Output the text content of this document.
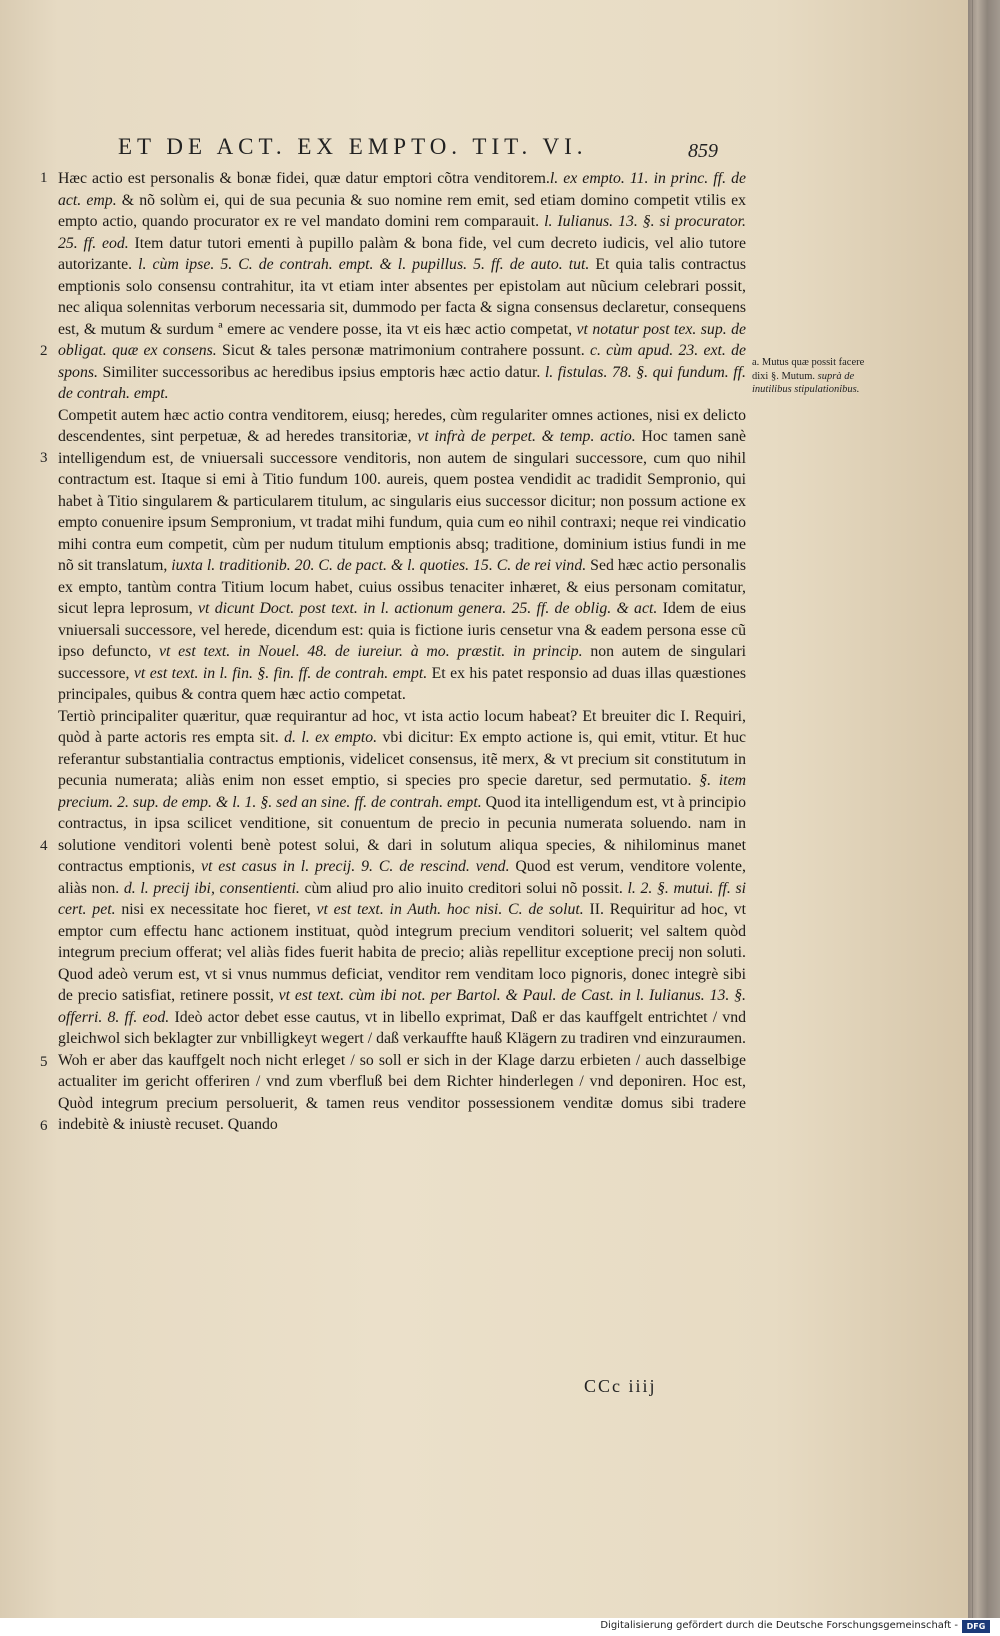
ET DE ACT. EX EMPTO. TIT. VI.	859
1
2
3
4
5
6

Hæc actio est personalis & bonæ fidei, quæ datur emptori cõtra venditorem.l. ex empto. 11. in princ. ff. de act. emp. & nõ solùm ei, qui de sua pecunia & suo nomine rem emit, sed etiam domino competit vtilis ex empto actio, quando procurator ex re vel mandato domini rem comparauit. l. Iulianus. 13. §. si procurator. 25. ff. eod. Item datur tutori ementi à pupillo palàm & bona fide, vel cum decreto iudicis, vel alio tutore autorizante. l. cùm ipse. 5. C. de contrah. empt. & l. pupillus. 5. ff. de auto. tut. Et quia talis contractus emptionis solo consensu contrahitur, ita vt etiam inter absentes per epistolam aut nũcium celebrari possit, nec aliqua solennitas verborum necessaria sit, dummodo per facta & signa consensus declaretur, consequens est, & mutum & surdum ª emere ac vendere posse, ita vt eis hæc actio competat, vt notatur post tex. sup. de obligat. quæ ex consens. Sicut & tales personæ matrimonium contrahere possunt. c. cùm apud. 23. ext. de spons. Similiter successoribus ac heredibus ipsius emptoris hæc actio datur. l. fistulas. 78. §. qui fundum. ff. de contrah. empt.

Competit autem hæc actio contra venditorem, eiusq; heredes, cùm regulariter omnes actiones, nisi ex delicto descendentes, sint perpetuæ, & ad heredes transitoriæ, vt infrà de perpet. & temp. actio. Hoc tamen sanè intelligendum est, de vniuersali successore venditoris, non autem de singulari successore, cum quo nihil contractum est. Itaque si emi à Titio fundum 100. aureis, quem postea vendidit ac tradidit Sempronio, qui habet à Titio singularem & particularem titulum, ac singularis eius successor dicitur; non possum actione ex empto conuenire ipsum Sempronium, vt tradat mihi fundum, quia cum eo nihil contraxi; neque rei vindicatio mihi contra eum competit, cùm per nudum titulum emptionis absq; traditione, dominium istius fundi in me nõ sit translatum, iuxta l. traditionib. 20. C. de pact. & l. quoties. 15. C. de rei vind. Sed hæc actio personalis ex empto, tantùm contra Titium locum habet, cuius ossibus tenaciter inhæret, & eius personam comitatur, sicut lepra leprosum, vt dicunt Doct. post text. in l. actionum genera. 25. ff. de oblig. & act. Idem de eius vniuersali successore, vel herede, dicendum est: quia is fictione iuris censetur vna & eadem persona esse cũ ipso defuncto, vt est text. in Nouel. 48. de iureiur. à mo. præstit. in princip. non autem de singulari successore, vt est text. in l. fin. §. fin. ff. de contrah. empt. Et ex his patet responsio ad duas illas quæstiones principales, quibus & contra quem hæc actio competat.

Tertiò principaliter quæritur, quæ requirantur ad hoc, vt ista actio locum habeat? Et breuiter dic I. Requiri, quòd à parte actoris res empta sit. d. l. ex empto. vbi dicitur: Ex empto actione is, qui emit, vtitur. Et huc referantur substantialia contractus emptionis, videlicet consensus, itẽ merx, & vt precium sit constitutum in pecunia numerata; aliàs enim non esset emptio, si species pro specie daretur, sed permutatio. §. item precium. 2. sup. de emp. & l. 1. §. sed an sine. ff. de contrah. empt. Quod ita intelligendum est, vt à principio contractus, in ipsa scilicet venditione, sit conuentum de precio in pecunia numerata soluendo. nam in solutione venditori volenti benè potest solui, & dari in solutum aliqua species, & nihilominus manet contractus emptionis, vt est casus in l. precij. 9. C. de rescind. vend. Quod est verum, venditore volente, aliàs non. d. l. precij ibi, consentienti. cùm aliud pro alio inuito creditori solui nõ possit. l. 2. §. mutui. ff. si cert. pet. nisi ex necessitate hoc fieret, vt est text. in Auth. hoc nisi. C. de solut. II. Requiritur ad hoc, vt emptor cum effectu hanc actionem instituat, quòd integrum precium venditori soluerit; vel saltem quòd integrum precium offerat; vel aliàs fides fuerit habita de precio; aliàs repellitur exceptione precij non soluti. Quod adeò verum est, vt si vnus nummus deficiat, venditor rem venditam loco pignoris, donec integrè sibi de precio satisfiat, retinere possit, vt est text. cùm ibi not. per Bartol. & Paul. de Cast. in l. Iulianus. 13. §. offerri. 8. ff. eod. Ideò actor debet esse cautus, vt in libello exprimat, Daß er das kauffgelt entrichtet / vnd gleichwol sich beklagter zur vnbilligkeyt wegert / daß verkauffte hauß Klägern zu tradiren vnd einzuraumen. Woh er aber das kauffgelt noch nicht erleget / so soll er sich in der Klage darzu erbieten / auch dasselbige actualiter im gericht offeriren / vnd zum vberfluß bei dem Richter hinderlegen / vnd deponiren. Hoc est, Quòd integrum precium persoluerit, & tamen reus venditor possessionem venditæ domus sibi tradere indebitè & iniustè recuset. Quando

a. Mutus quæ possit facere dixi §. Mutum. suprà de inutilibus stipulationibus.
CCc iiij
Digitalisierung gefördert durch die Deutsche Forschungsgemeinschaft -	DFG
